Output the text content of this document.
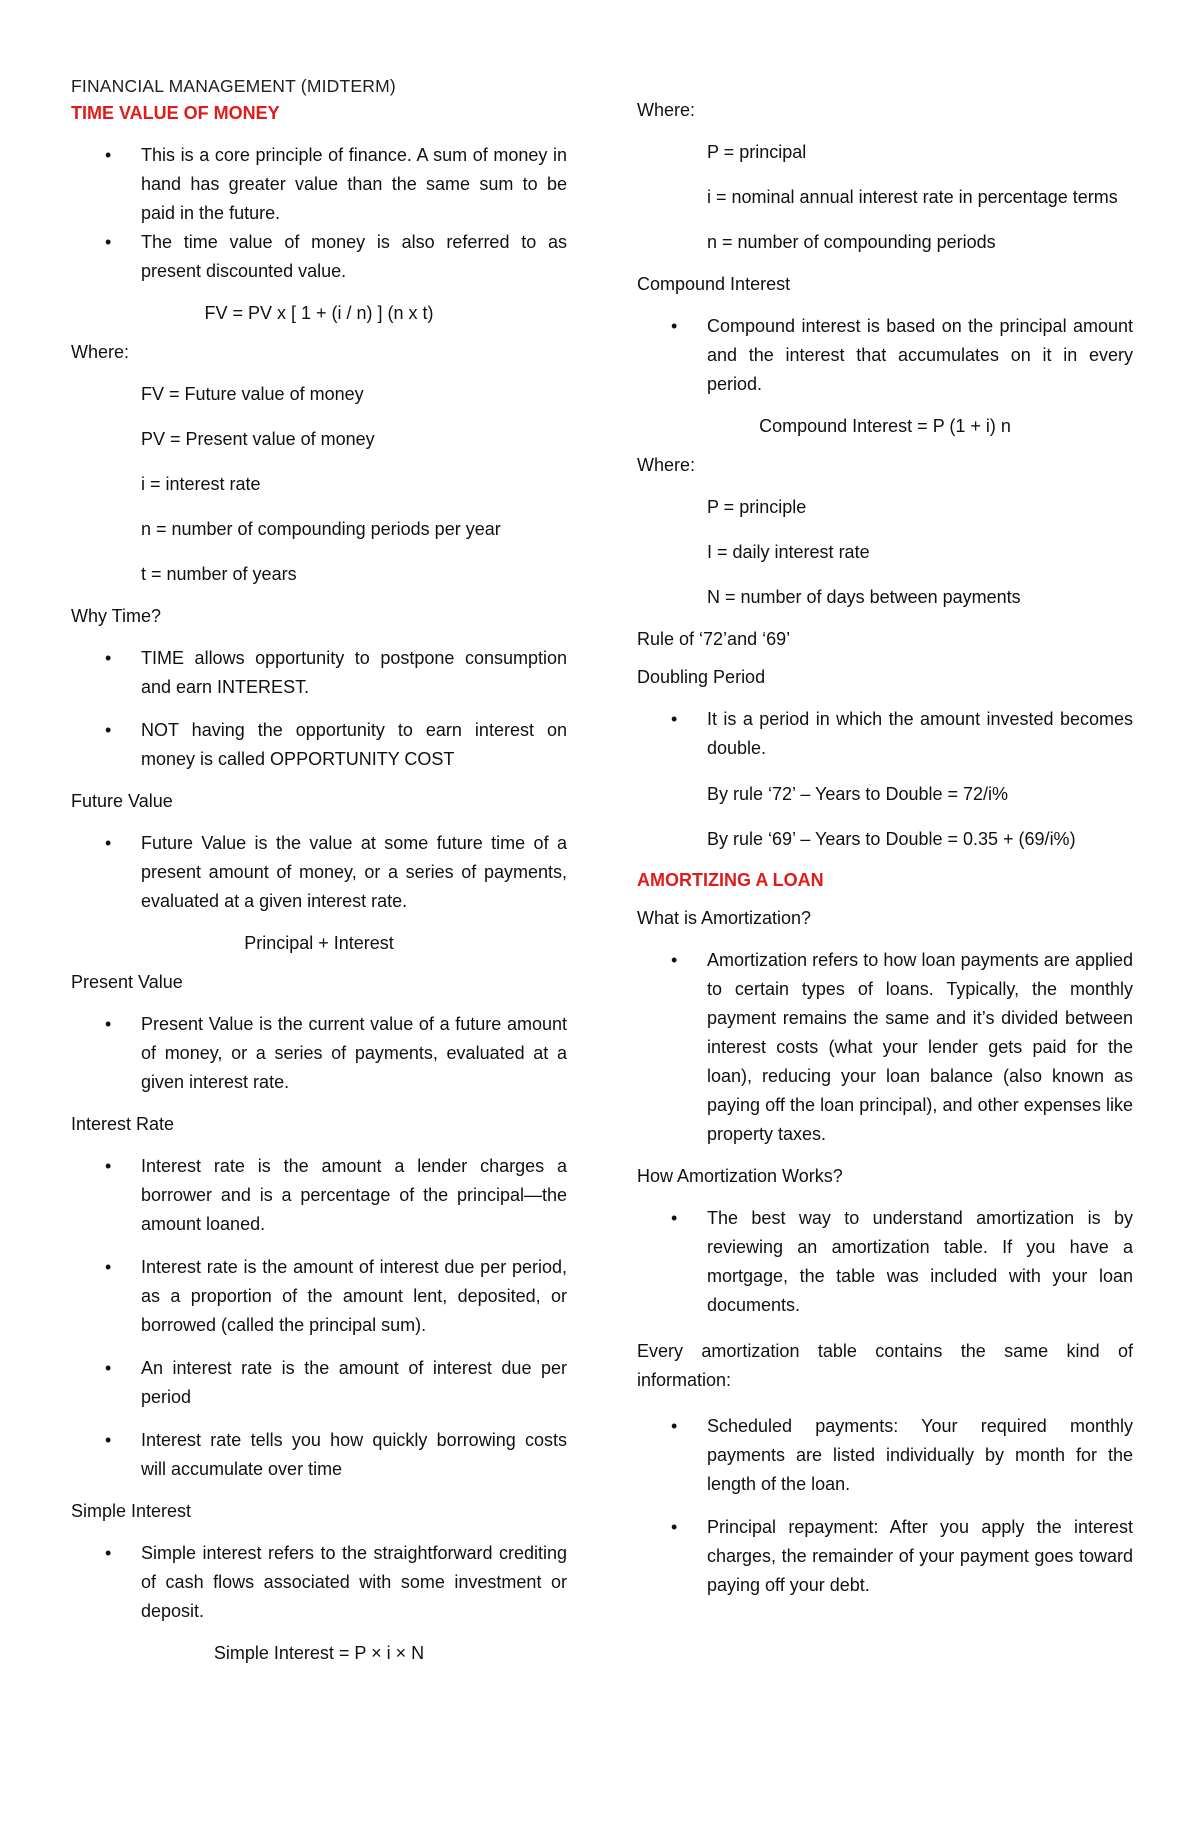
FINANCIAL MANAGEMENT (MIDTERM)

TIME VALUE OF MONEY

• This is a core principle of finance. A sum of money in hand has greater value than the same sum to be paid in the future.
• The time value of money is also referred to as present discounted value.

FV = PV x [ 1 + (i / n) ] (n x t)

Where:

FV = Future value of money

PV = Present value of money

i = interest rate

n = number of compounding periods per year

t = number of years

Why Time?

• TIME allows opportunity to postpone consumption and earn INTEREST.
• NOT having the opportunity to earn interest on money is called OPPORTUNITY COST

Future Value

• Future Value is the value at some future time of a present amount of money, or a series of payments, evaluated at a given interest rate.

Principal + Interest

Present Value

• Present Value is the current value of a future amount of money, or a series of payments, evaluated at a given interest rate.

Interest Rate

• Interest rate is the amount a lender charges a borrower and is a percentage of the principal—the amount loaned.
• Interest rate is the amount of interest due per period, as a proportion of the amount lent, deposited, or borrowed (called the principal sum).
• An interest rate is the amount of interest due per period
• Interest rate tells you how quickly borrowing costs will accumulate over time

Simple Interest

• Simple interest refers to the straightforward crediting of cash flows associated with some investment or deposit.

Simple Interest = P × i × N

Where:

P = principal

i = nominal annual interest rate in percentage terms

n = number of compounding periods

Compound Interest

• Compound interest is based on the principal amount and the interest that accumulates on it in every period.

Compound Interest = P (1 + i) n

Where:

P = principle

I = daily interest rate

N = number of days between payments

Rule of ‘72’and ‘69’

Doubling Period

• It is a period in which the amount invested becomes double.

By rule ‘72’ – Years to Double = 72/i%

By rule ‘69’ – Years to Double = 0.35 + (69/i%)

AMORTIZING A LOAN

What is Amortization?

• Amortization refers to how loan payments are applied to certain types of loans. Typically, the monthly payment remains the same and it’s divided between interest costs (what your lender gets paid for the loan), reducing your loan balance (also known as paying off the loan principal), and other expenses like property taxes.

How Amortization Works?

• The best way to understand amortization is by reviewing an amortization table. If you have a mortgage, the table was included with your loan documents.

Every amortization table contains the same kind of information:

• Scheduled payments: Your required monthly payments are listed individually by month for the length of the loan.
• Principal repayment: After you apply the interest charges, the remainder of your payment goes toward paying off your debt.
